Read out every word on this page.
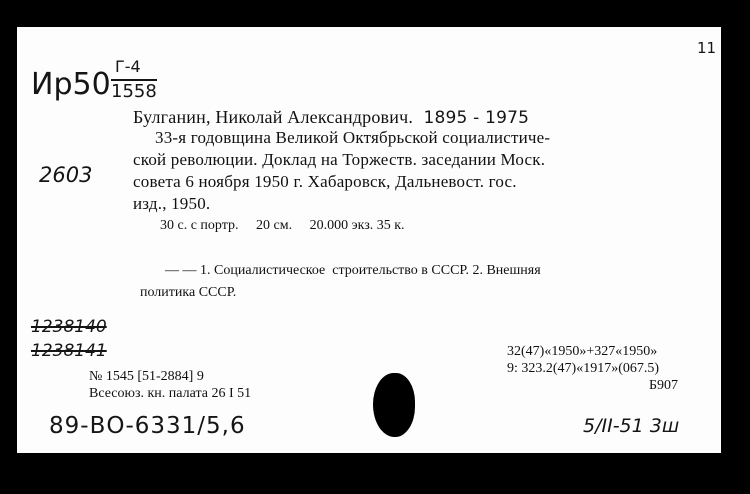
Ир50
Г-4
1558
11
2603
Булганин, Николай Александрович. 1895 - 1975
33-я годовщина Великой Октябрьской социалистиче-
ской революции. Доклад на Торжеств. заседании Моск.
совета 6 ноября 1950 г. Хабаровск, Дальневост. гос.
изд., 1950.
30 с. с портр.     20 см.     20.000 экз. 35 к.
— — 1. Социалистическое  строительство в СССР. 2. Внешняя
политика СССР.
1238140
1238141
№ 1545 [51-2884] 9
Всесоюз. кн. палата 26 I 51
32(47)«1950»+327«1950»
9: 323.2(47)«1917»(067.5)
Б907
89-ВО-6331/5,6	5/II-51 3ш
